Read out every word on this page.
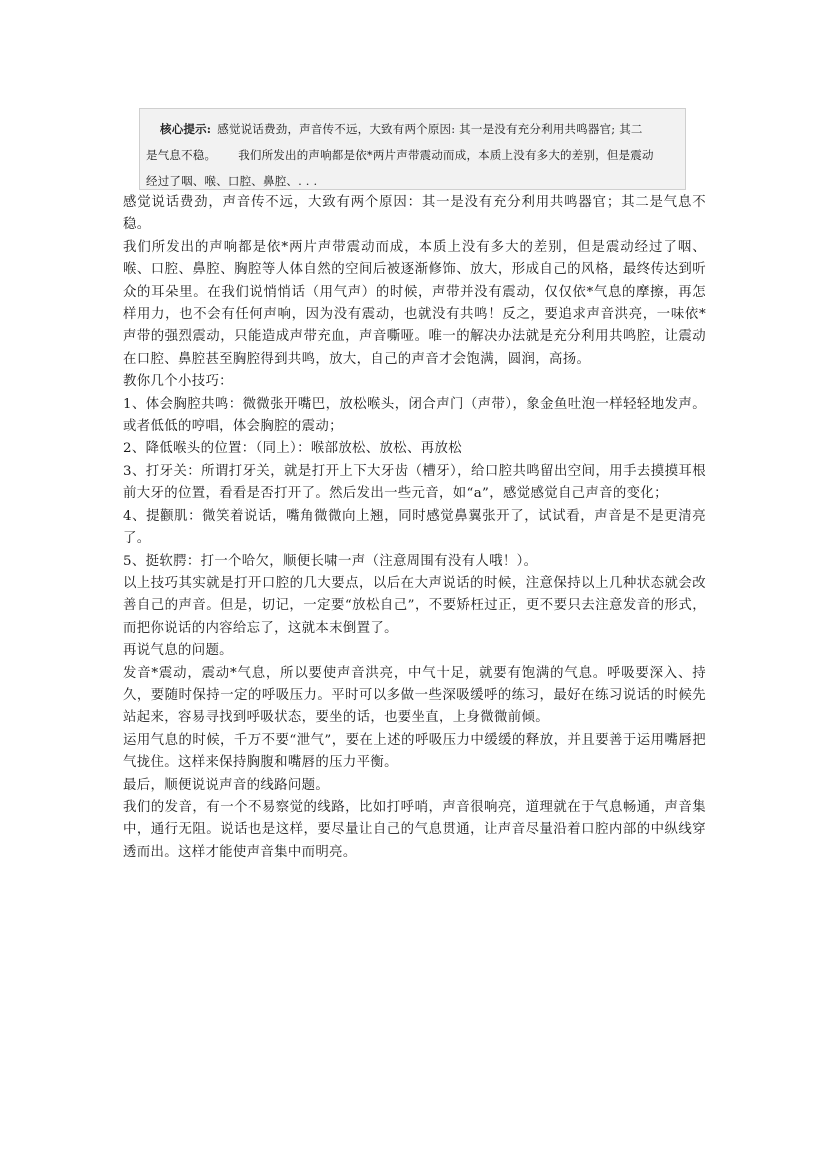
核心提示: 感觉说话费劲，声音传不远，大致有两个原因: 其一是没有充分利用共鸣器官; 其二
是气息不稳。 我们所发出的声响都是依*两片声带震动而成，本质上没有多大的差别，但是震动
经过了咽、喉、口腔、鼻腔、. . .

感觉说话费劲，声音传不远，大致有两个原因：其一是没有充分利用共鸣器官；其二是气息不稳。

我们所发出的声响都是依*两片声带震动而成，本质上没有多大的差别，但是震动经过了咽、喉、口腔、鼻腔、胸腔等人体自然的空间后被逐渐修饰、放大，形成自己的风格，最终传达到听众的耳朵里。在我们说悄悄话（用气声）的时候，声带并没有震动，仅仅依*气息的摩擦，再怎样用力，也不会有任何声响，因为没有震动，也就没有共鸣！反之，要追求声音洪亮，一味依*声带的强烈震动，只能造成声带充血，声音嘶哑。唯一的解决办法就是充分利用共鸣腔，让震动在口腔、鼻腔甚至胸腔得到共鸣，放大，自己的声音才会饱满，圆润，高扬。

教你几个小技巧：

1、体会胸腔共鸣：微微张开嘴巴，放松喉头，闭合声门（声带），象金鱼吐泡一样轻轻地发声。或者低低的哼唱，体会胸腔的震动；

2、降低喉头的位置：（同上）：喉部放松、放松、再放松

3、打牙关：所谓打牙关，就是打开上下大牙齿（槽牙），给口腔共鸣留出空间，用手去摸摸耳根前大牙的位置，看看是否打开了。然后发出一些元音，如“a”，感觉感觉自己声音的变化；

4、提颧肌：微笑着说话，嘴角微微向上翘，同时感觉鼻翼张开了，试试看，声音是不是更清亮了。

5、挺软腭：打一个哈欠，顺便长啸一声（注意周围有没有人哦！）。

以上技巧其实就是打开口腔的几大要点，以后在大声说话的时候，注意保持以上几种状态就会改善自己的声音。但是，切记，一定要“放松自己”，不要矫枉过正，更不要只去注意发音的形式，而把你说话的内容给忘了，这就本末倒置了。

再说气息的问题。

发音*震动，震动*气息，所以要使声音洪亮，中气十足，就要有饱满的气息。呼吸要深入、持久，要随时保持一定的呼吸压力。平时可以多做一些深吸缓呼的练习，最好在练习说话的时候先站起来，容易寻找到呼吸状态，要坐的话，也要坐直，上身微微前倾。

运用气息的时候，千万不要“泄气”，要在上述的呼吸压力中缓缓的释放，并且要善于运用嘴唇把气拢住。这样来保持胸腹和嘴唇的压力平衡。

最后，顺便说说声音的线路问题。

我们的发音，有一个不易察觉的线路，比如打呼哨，声音很响亮，道理就在于气息畅通，声音集中，通行无阻。说话也是这样，要尽量让自己的气息贯通，让声音尽量沿着口腔内部的中纵线穿透而出。这样才能使声音集中而明亮。
